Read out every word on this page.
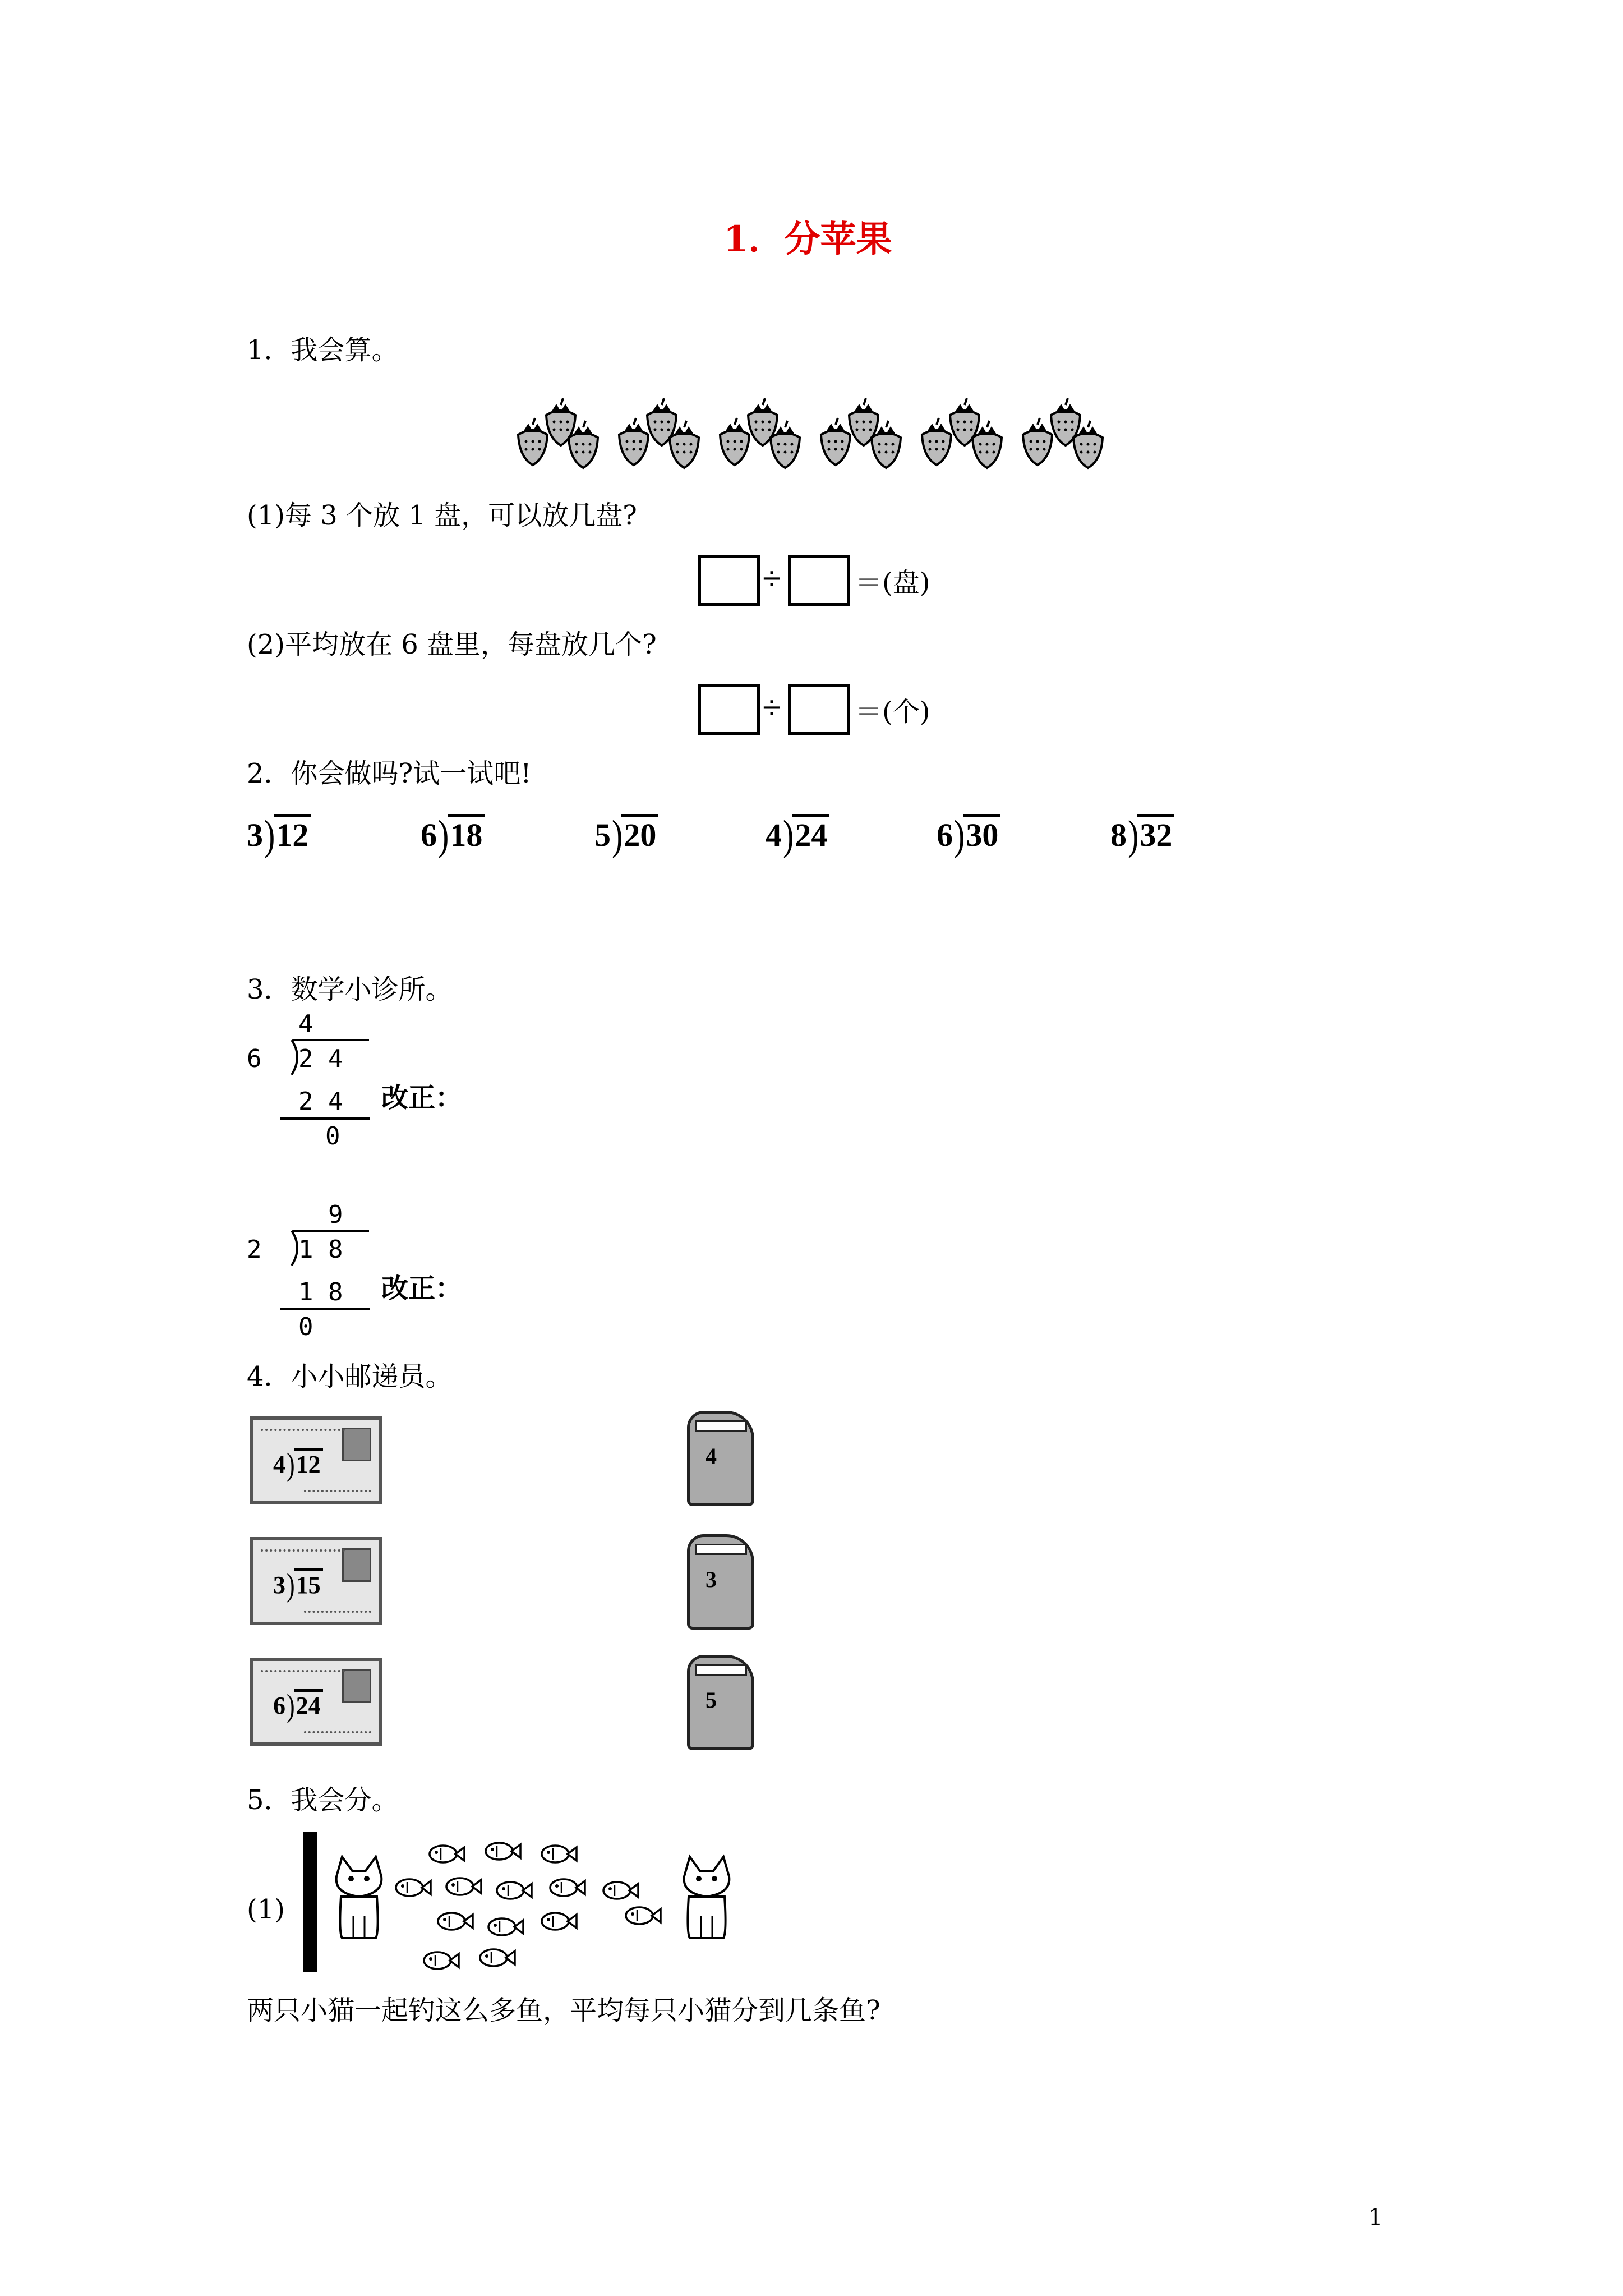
1．分苹果
1．我会算。
(1)每 3 个放 1 盘，可以放几盘?
÷	＝(盘)
(2)平均放在 6 盘里，每盘放几个?
÷	＝(个)
2．你会做吗?试一试吧!
3)12	6)18	5)20	4)24	6)30	8)32
3．数学小诊所。
4
6 2 4
2 4
0
改正：
9
2 1 8
1 8
0
改正：
4．小小邮递员。
4)12
3)15
6)24
4
3
5
5．我会分。
(1)
两只小猫一起钓这么多鱼，平均每只小猫分到几条鱼?
1
